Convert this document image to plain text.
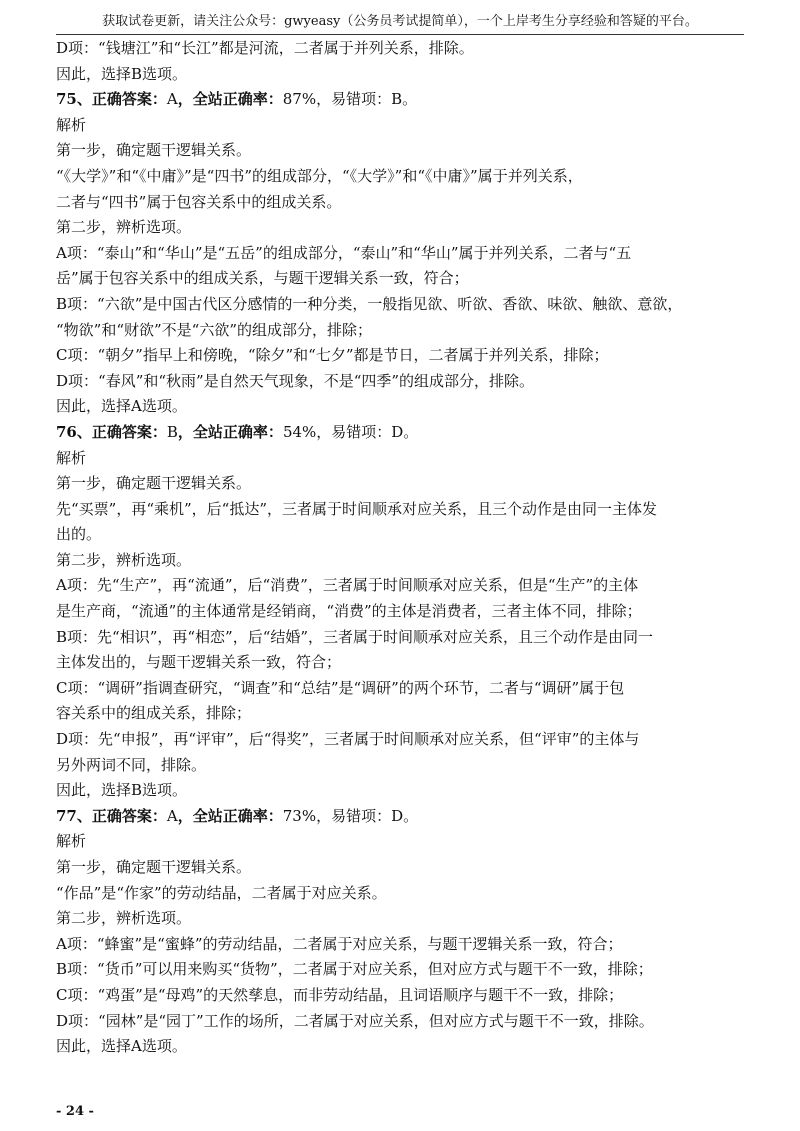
获取试卷更新，请关注公众号：gwyeasy（公务员考试提简单），一个上岸考生分享经验和答疑的平台。

D项：“钱塘江”和“长江”都是河流，二者属于并列关系，排除。

因此，选择B选项。

75、正确答案：A，全站正确率：87%，易错项：B。

解析

第一步，确定题干逻辑关系。

“《大学》”和“《中庸》”是“四书”的组成部分，“《大学》”和“《中庸》”属于并列关系，

二者与“四书”属于包容关系中的组成关系。

第二步，辨析选项。

A项：“泰山”和“华山”是“五岳”的组成部分，“泰山”和“华山”属于并列关系，二者与“五

岳”属于包容关系中的组成关系，与题干逻辑关系一致，符合；

B项：“六欲”是中国古代区分感情的一种分类，一般指见欲、听欲、香欲、味欲、触欲、意欲，

“物欲”和“财欲”不是“六欲”的组成部分，排除；

C项：“朝夕”指早上和傍晚，“除夕”和“七夕”都是节日，二者属于并列关系，排除；

D项：“春风”和“秋雨”是自然天气现象，不是“四季”的组成部分，排除。

因此，选择A选项。

76、正确答案：B，全站正确率：54%，易错项：D。

解析

第一步，确定题干逻辑关系。

先“买票”，再“乘机”，后“抵达”，三者属于时间顺承对应关系，且三个动作是由同一主体发

出的。

第二步，辨析选项。

A项：先“生产”，再“流通”，后“消费”，三者属于时间顺承对应关系，但是“生产”的主体

是生产商，“流通”的主体通常是经销商，“消费”的主体是消费者，三者主体不同，排除；

B项：先“相识”，再“相恋”，后“结婚”，三者属于时间顺承对应关系，且三个动作是由同一

主体发出的，与题干逻辑关系一致，符合；

C项：“调研”指调查研究，“调查”和“总结”是“调研”的两个环节，二者与“调研”属于包

容关系中的组成关系，排除；

D项：先“申报”，再“评审”，后“得奖”，三者属于时间顺承对应关系，但“评审”的主体与

另外两词不同，排除。

因此，选择B选项。

77、正确答案：A，全站正确率：73%，易错项：D。

解析

第一步，确定题干逻辑关系。

“作品”是“作家”的劳动结晶，二者属于对应关系。

第二步，辨析选项。

A项：“蜂蜜”是“蜜蜂”的劳动结晶，二者属于对应关系，与题干逻辑关系一致，符合；

B项：“货币”可以用来购买“货物”，二者属于对应关系，但对应方式与题干不一致，排除；

C项：“鸡蛋”是“母鸡”的天然孳息，而非劳动结晶，且词语顺序与题干不一致，排除；

D项：“园林”是“园丁”工作的场所，二者属于对应关系，但对应方式与题干不一致，排除。

因此，选择A选项。

- 24 -
